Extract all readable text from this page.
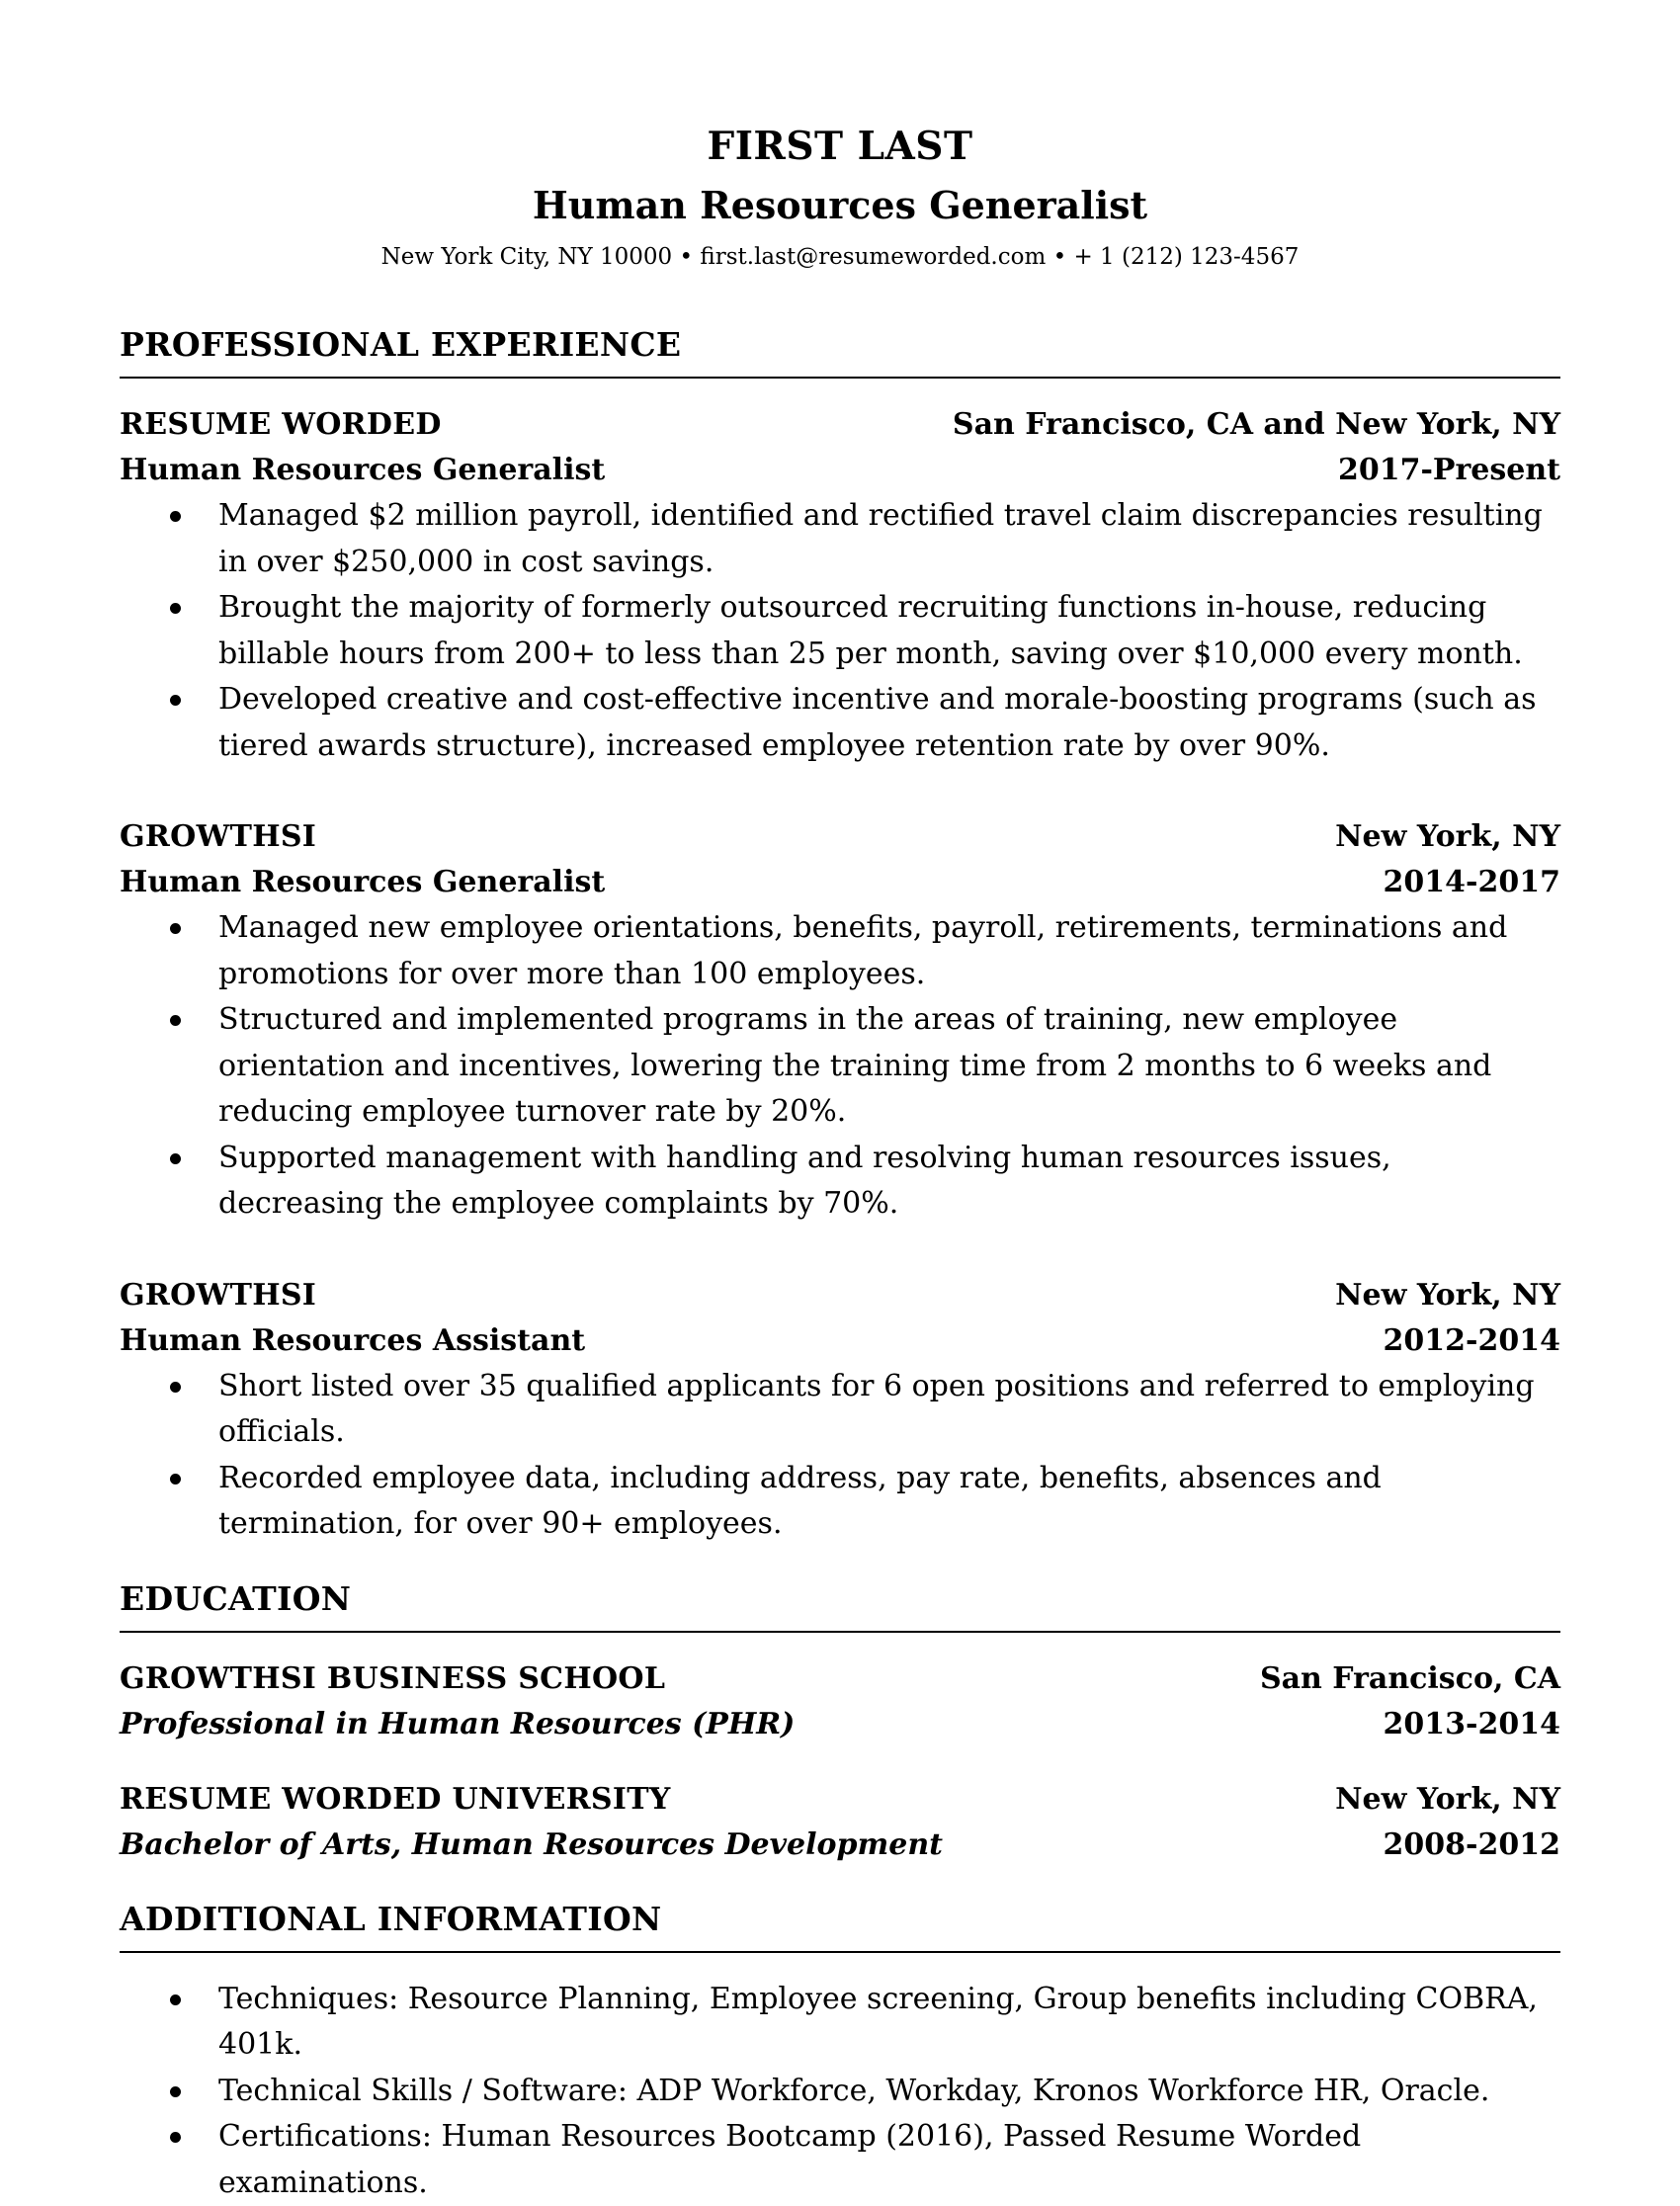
FIRST LAST
Human Resources Generalist
New York City, NY 10000 • first.last@resumeworded.com • + 1 (212) 123-4567
PROFESSIONAL EXPERIENCE
RESUME WORDED	San Francisco, CA and New York, NY
Human Resources Generalist	2017-Present
Managed $2 million payroll, identified and rectified travel claim discrepancies resulting in over $250,000 in cost savings.
Brought the majority of formerly outsourced recruiting functions in-house, reducing billable hours from 200+ to less than 25 per month, saving over $10,000 every month.
Developed creative and cost-effective incentive and morale-boosting programs (such as tiered awards structure), increased employee retention rate by over 90%.
GROWTHSI	New York, NY
Human Resources Generalist	2014-2017
Managed new employee orientations, benefits, payroll, retirements, terminations and promotions for over more than 100 employees.
Structured and implemented programs in the areas of training, new employee orientation and incentives, lowering the training time from 2 months to 6 weeks and reducing employee turnover rate by 20%.
Supported management with handling and resolving human resources issues, decreasing the employee complaints by 70%.
GROWTHSI	New York, NY
Human Resources Assistant	2012-2014
Short listed over 35 qualified applicants for 6 open positions and referred to employing officials.
Recorded employee data, including address, pay rate, benefits, absences and termination, for over 90+ employees.
EDUCATION
GROWTHSI BUSINESS SCHOOL	San Francisco, CA
Professional in Human Resources (PHR)	2013-2014
RESUME WORDED UNIVERSITY	New York, NY
Bachelor of Arts, Human Resources Development	2008-2012
ADDITIONAL INFORMATION
Techniques: Resource Planning, Employee screening, Group benefits including COBRA, 401k.
Technical Skills / Software: ADP Workforce, Workday, Kronos Workforce HR, Oracle.
Certifications: Human Resources Bootcamp (2016), Passed Resume Worded examinations.
